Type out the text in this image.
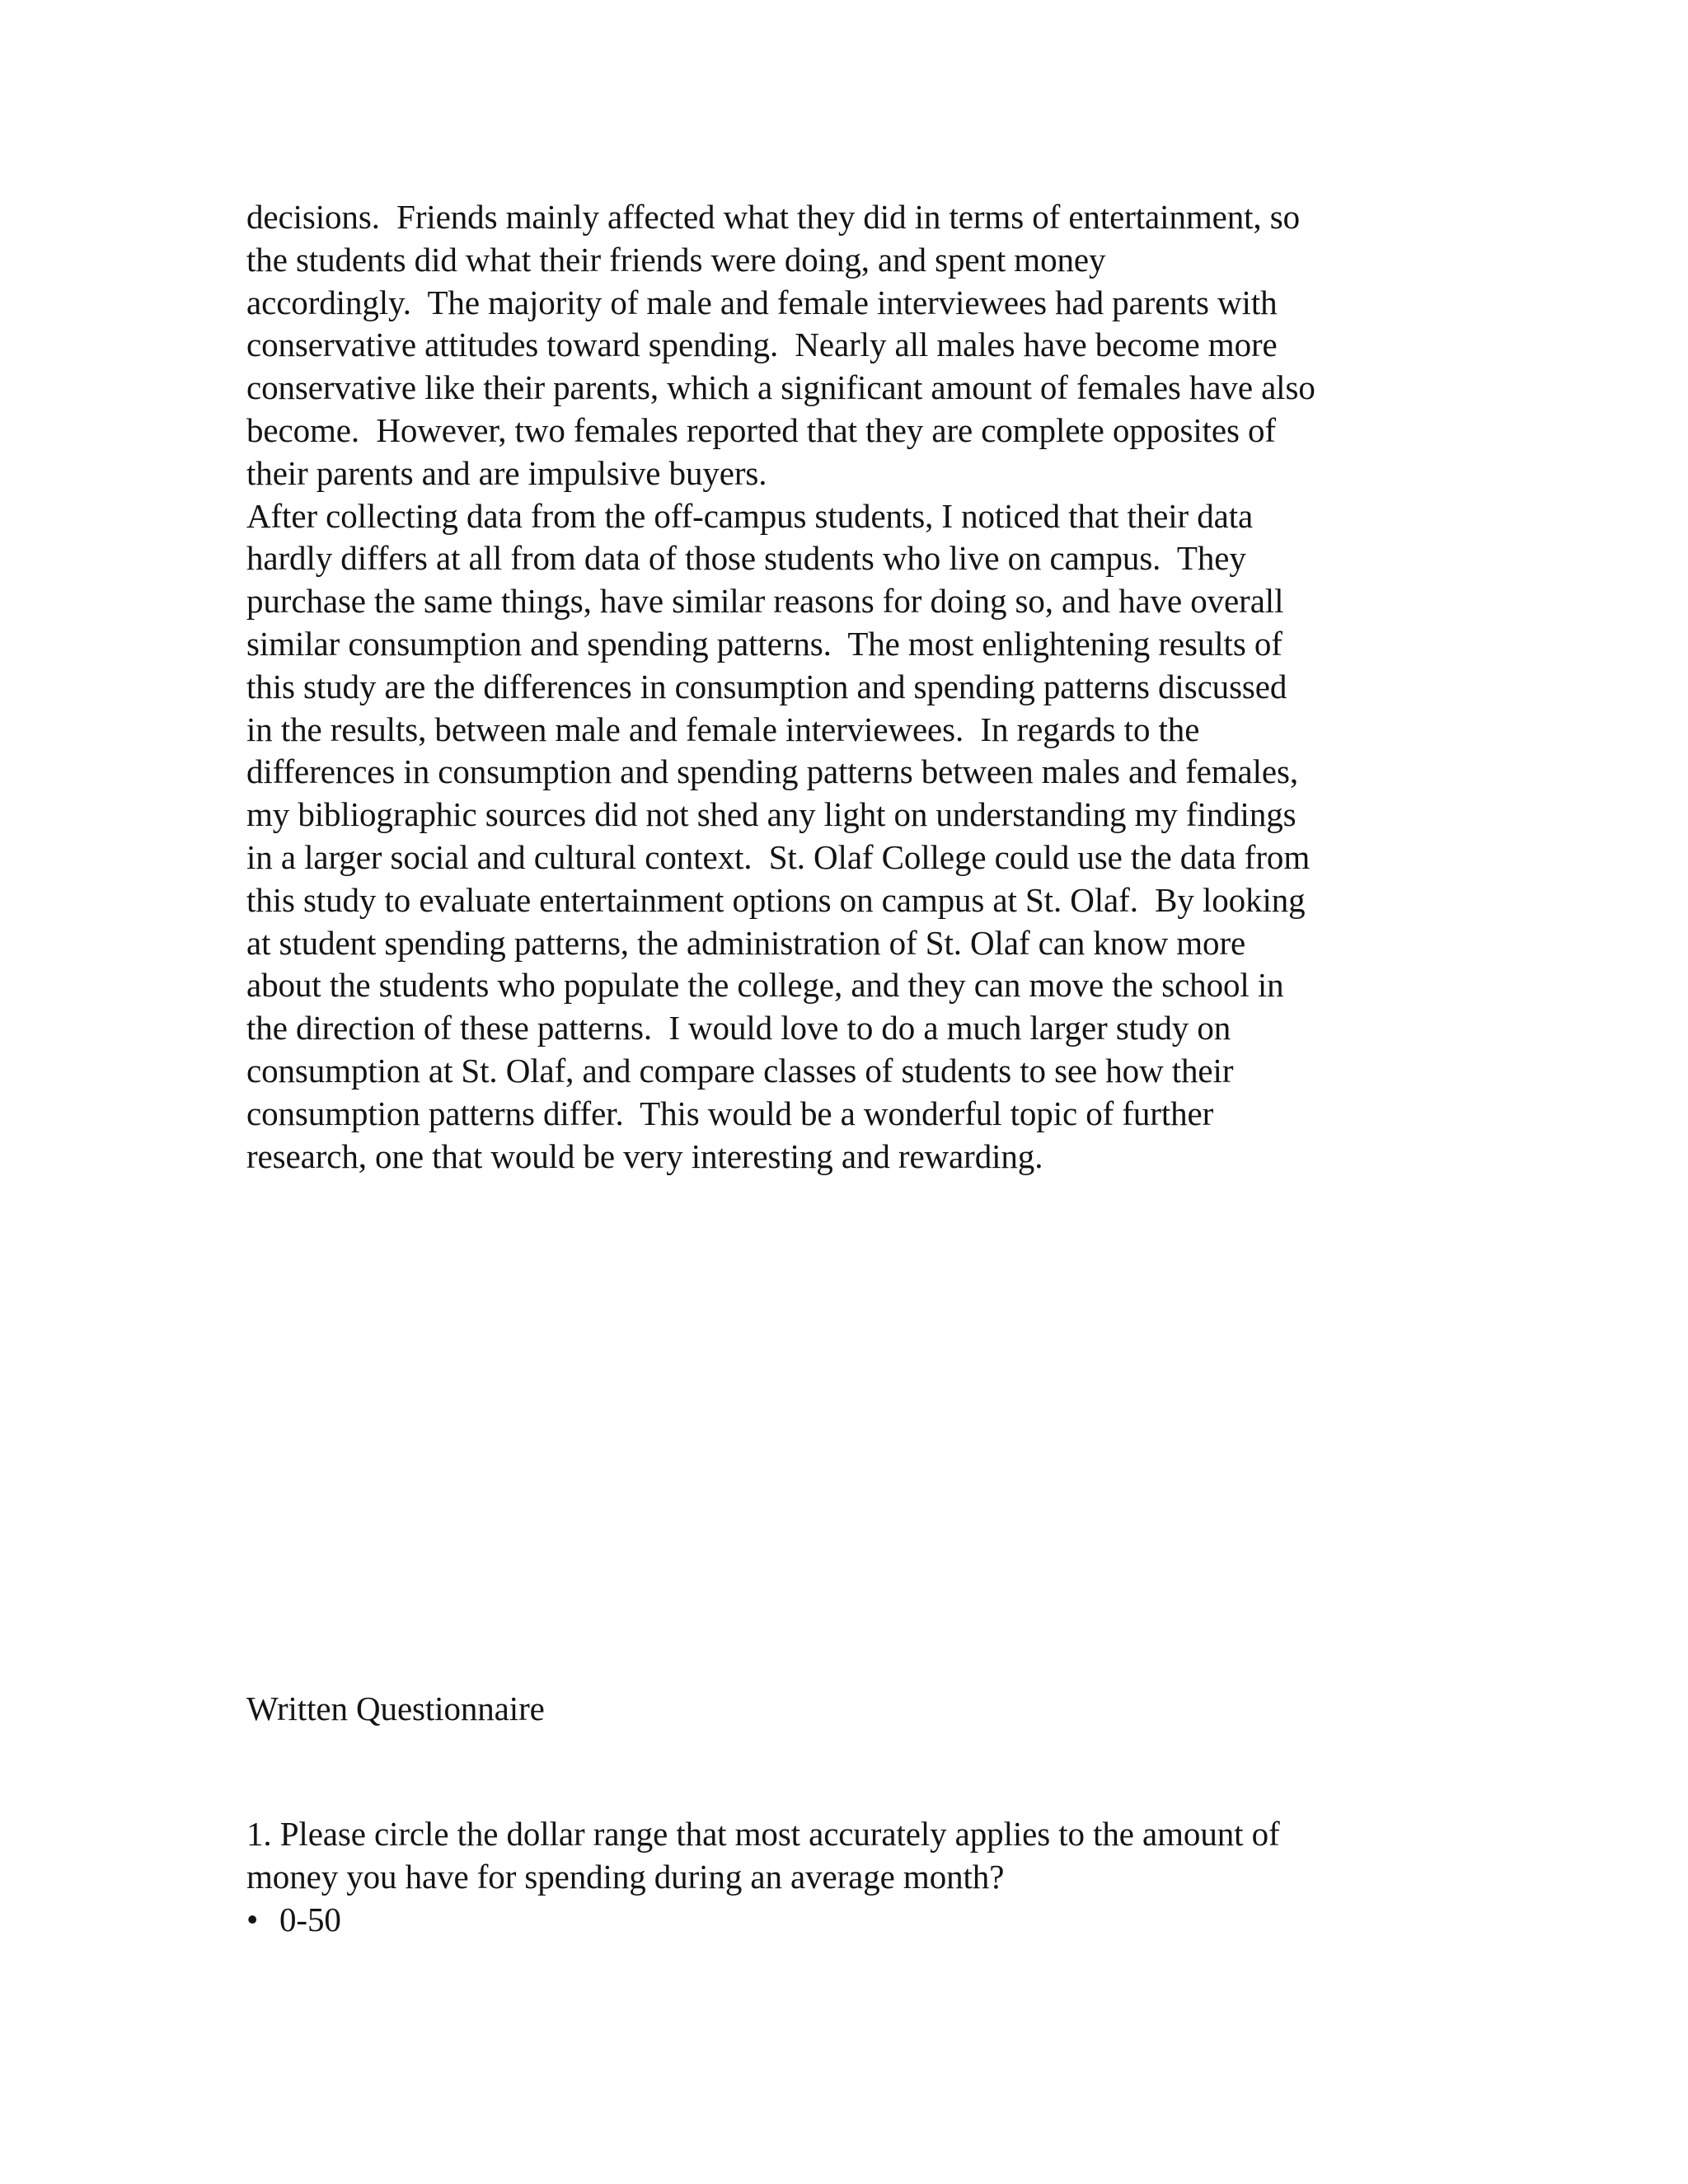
decisions.  Friends mainly affected what they did in terms of entertainment, so
the students did what their friends were doing, and spent money
accordingly.  The majority of male and female interviewees had parents with
conservative attitudes toward spending.  Nearly all males have become more
conservative like their parents, which a significant amount of females have also
become.  However, two females reported that they are complete opposites of
their parents and are impulsive buyers.
After collecting data from the off-campus students, I noticed that their data
hardly differs at all from data of those students who live on campus.  They
purchase the same things, have similar reasons for doing so, and have overall
similar consumption and spending patterns.  The most enlightening results of
this study are the differences in consumption and spending patterns discussed
in the results, between male and female interviewees.  In regards to the
differences in consumption and spending patterns between males and females,
my bibliographic sources did not shed any light on understanding my findings
in a larger social and cultural context.  St. Olaf College could use the data from
this study to evaluate entertainment options on campus at St. Olaf.  By looking
at student spending patterns, the administration of St. Olaf can know more
about the students who populate the college, and they can move the school in
the direction of these patterns.  I would love to do a much larger study on
consumption at St. Olaf, and compare classes of students to see how their
consumption patterns differ.  This would be a wonderful topic of further
research, one that would be very interesting and rewarding.
Written Questionnaire
1. Please circle the dollar range that most accurately applies to the amount of
money you have for spending during an average month?
• 0-50
